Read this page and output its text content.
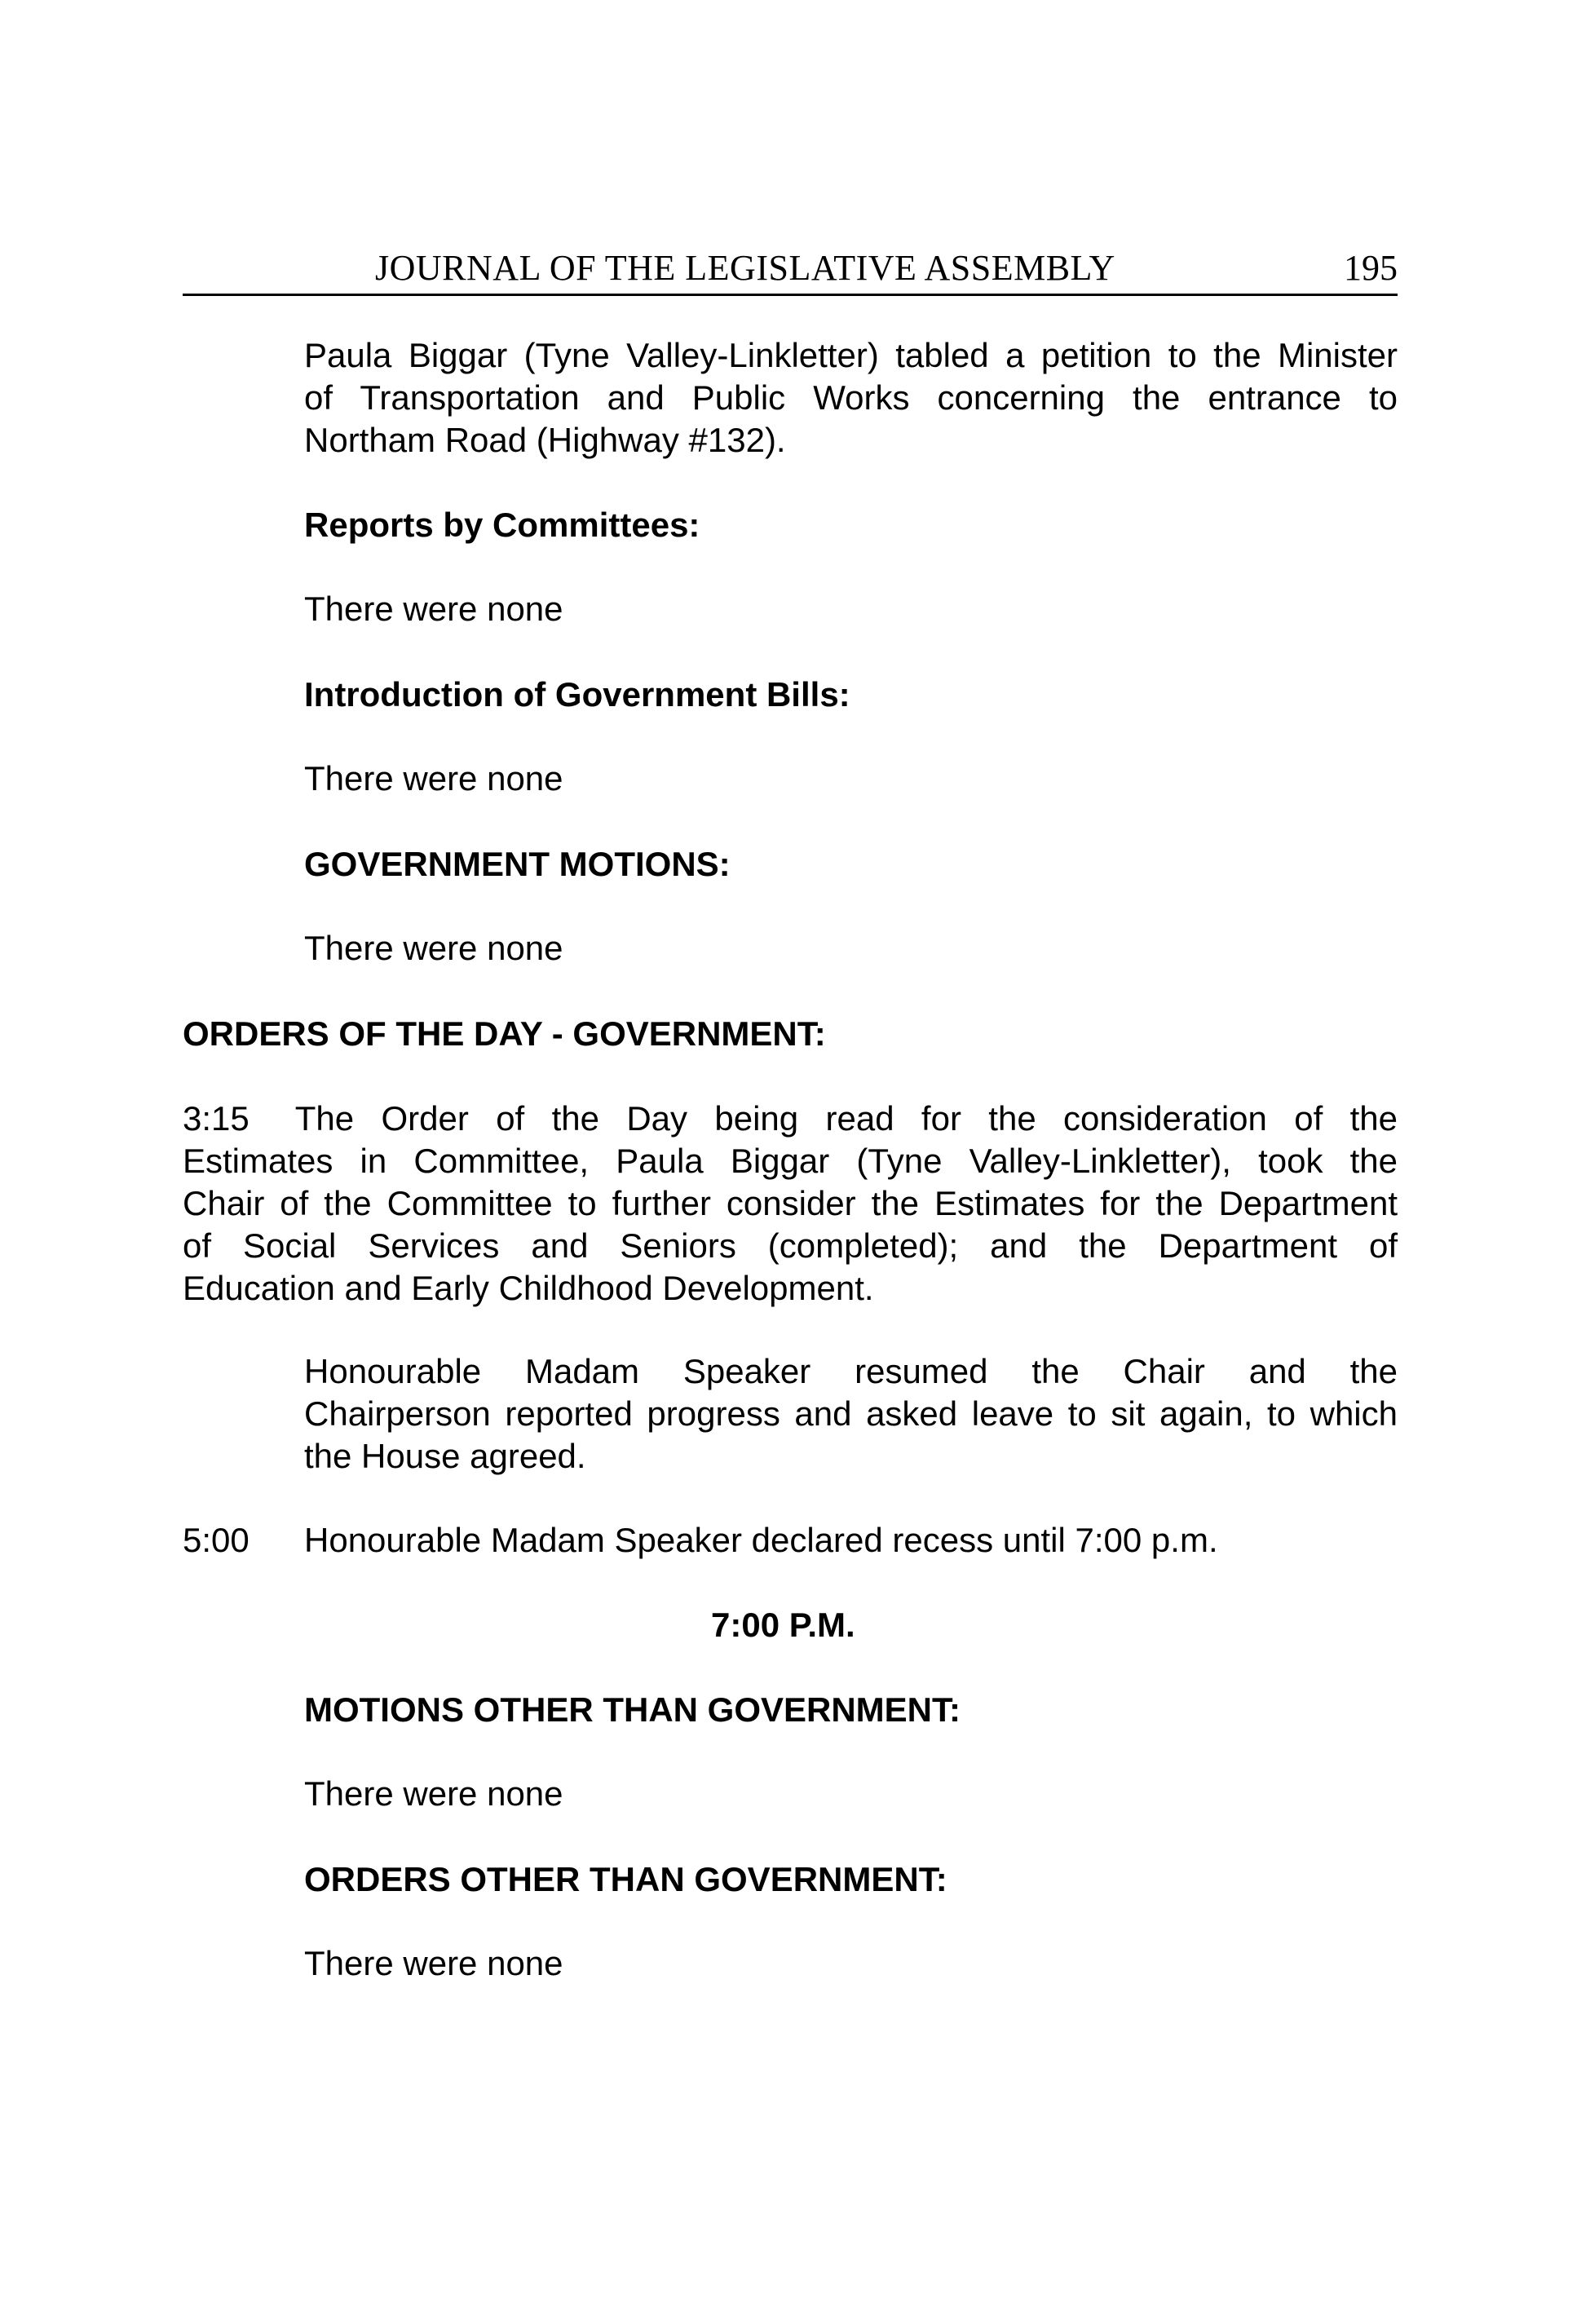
JOURNAL OF THE LEGISLATIVE ASSEMBLY	195
Paula Biggar (Tyne Valley-Linkletter) tabled a petition to the Minister
of Transportation and Public Works concerning the entrance to
Northam Road (Highway #132).
Reports by Committees:
There were none
Introduction of Government Bills:
There were none
GOVERNMENT MOTIONS:
There were none
ORDERS OF THE DAY - GOVERNMENT:
3:15 The Order of the Day being read for the consideration of the
Estimates in Committee, Paula Biggar (Tyne Valley-Linkletter), took the
Chair of the Committee to further consider the Estimates for the Department
of Social Services and Seniors (completed); and the Department of
Education and Early Childhood Development.
Honourable Madam Speaker resumed the Chair and the
Chairperson reported progress and asked leave to sit again, to which
the House agreed.
5:00 Honourable Madam Speaker declared recess until 7:00 p.m.
7:00 P.M.
MOTIONS OTHER THAN GOVERNMENT:
There were none
ORDERS OTHER THAN GOVERNMENT:
There were none
